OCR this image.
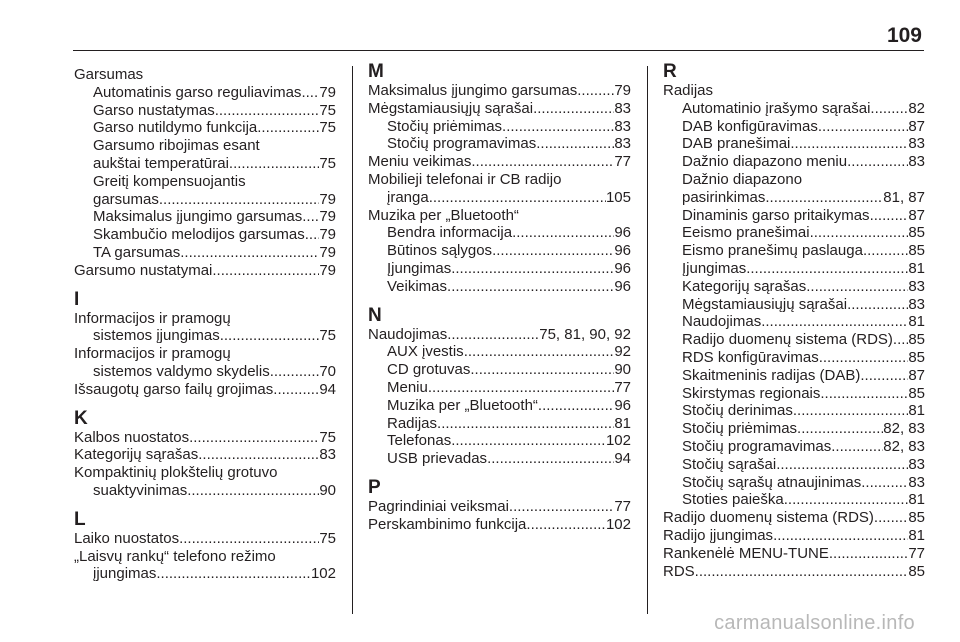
109
Garsumas
Automatinis garso reguliavimas ..... 79
Garso nustatymas .....	75
Garso nutildymo funkcija .....	75
Garsumo ribojimas esant
aukštai temperatūrai .....	75
Greitį kompensuojantis
garsumas .....	79
Maksimalus įjungimo garsumas ..... 79
Skambučio melodijos garsumas ..... 79
TA garsumas .....	79
Garsumo nustatymai .....	79
I
Informacijos ir pramogų
sistemos įjungimas .....	75
Informacijos ir pramogų
sistemos valdymo skydelis .....	70
Išsaugotų garso failų grojimas .....	94
K
Kalbos nuostatos .....	75
Kategorijų sąrašas .....	83
Kompaktinių plokštelių grotuvo
suaktyvinimas .....	90
L
Laiko nuostatos .....	75
„Laisvų rankų“ telefono režimo
įjungimas .....	102
M
Maksimalus įjungimo garsumas ..... 79
Mėgstamiausiųjų sąrašai .....	83
Stočių priėmimas .....	83
Stočių programavimas .....	83
Meniu veikimas .....	77
Mobilieji telefonai ir CB radijo
įranga .....	105
Muzika per „Bluetooth“
Bendra informacija .....	96
Būtinos sąlygos .....	96
Įjungimas .....	96
Veikimas .....	96
N
Naudojimas .....	75, 81, 90, 92
AUX įvestis .....	92
CD grotuvas .....	90
Meniu .....	77
Muzika per „Bluetooth“ .....	96
Radijas .....	81
Telefonas .....	102
USB prievadas .....	94
P
Pagrindiniai veiksmai .....	77
Perskambinimo funkcija .....	102
R
Radijas
Automatinio įrašymo sąrašai .....	82
DAB konfigūravimas .....	87
DAB pranešimai .....	83
Dažnio diapazono meniu .....	83
Dažnio diapazono
pasirinkimas .....	81, 87
Dinaminis garso pritaikymas .....	87
Eeismo pranešimai .....	85
Eismo pranešimų paslauga .....	85
Įjungimas .....	81
Kategorijų sąrašas .....	83
Mėgstamiausiųjų sąrašai .....	83
Naudojimas .....	81
Radijo duomenų sistema (RDS) ..... 85
RDS konfigūravimas .....	85
Skaitmeninis radijas (DAB) .....	87
Skirstymas regionais .....	85
Stočių derinimas .....	81
Stočių priėmimas .....	82, 83
Stočių programavimas .....	82, 83
Stočių sąrašai .....	83
Stočių sąrašų atnaujinimas .....	83
Stoties paieška .....	81
Radijo duomenų sistema (RDS) ..... 85
Radijo įjungimas .....	81
Rankenėlė MENU-TUNE .....	77
RDS .....	85
carmanualsonline.info
